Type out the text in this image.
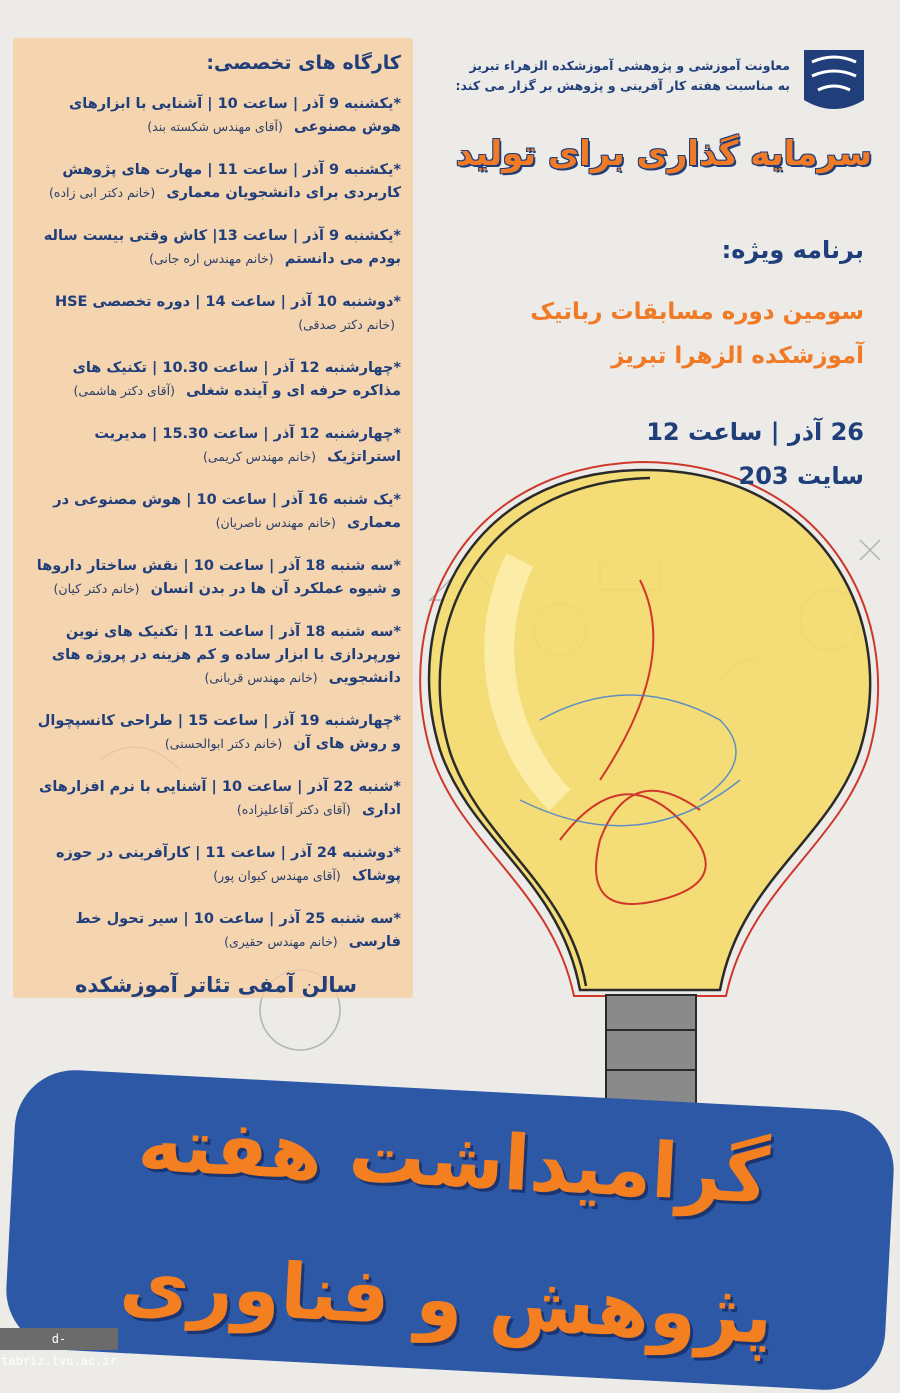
کارگاه های تخصصی:
*یکشنبه 9 آذر | ساعت 10 | آشنایی با ابزارهای هوش مصنوعی (آقای مهندس شکسته بند)
*یکشنبه 9 آذر | ساعت 11 | مهارت های پژوهش کاربردی برای دانشجویان معماری (خانم دکتر ابی زاده)
*یکشنبه 9 آذر | ساعت 13| کاش وقتی بیست ساله بودم می دانستم (خانم مهندس اره جانی)
*دوشنبه 10 آذر | ساعت 14 | دوره تخصصی HSE (خانم دکتر صدقی)
*چهارشنبه 12 آذر | ساعت 10.30 | تکنیک های مذاکره حرفه ای و آینده شغلی (آقای دکتر هاشمی)
*چهارشنبه 12 آذر | ساعت 15.30 | مدیریت استراتژیک (خانم مهندس کریمی)
*یک شنبه 16 آذر | ساعت 10 | هوش مصنوعی در معماری (خانم مهندس ناصریان)
*سه شنبه 18 آذر | ساعت 10 | نقش ساختار داروها و شیوه عملکرد آن ها در بدن انسان (خانم دکتر کیان)
*سه شنبه 18 آذر | ساعت 11 | تکنیک های نوین نورپردازی با ابزار ساده و کم هزینه در پروژه های دانشجویی (خانم مهندس قربانی)
*چهارشنبه 19 آذر | ساعت 15 | طراحی کانسپچوال و روش های آن (خانم دکتر ابوالحسنی)
*شنبه 22 آذر | ساعت 10 | آشنایی با نرم افزارهای اداری (آقای دکتر آقاعلیزاده)
*دوشنبه 24 آذر | ساعت 11 | کارآفرینی در حوزه پوشاک (آقای مهندس کیوان پور)
*سه شنبه 25 آذر | ساعت 10 | سیر تحول خط فارسی (خانم مهندس حقیری)
سالن آمفی تئاتر آموزشکده
معاونت آموزشی و پژوهشی آموزشکده الزهراء تبریز
به مناسبت هفته کار آفرینی و پژوهش بر گزار می کند:
سرمایه گذاری برای تولید
برنامه ویژه:
سومین دوره مسابقات رباتیک
آموزشکده الزهرا تبریز
26 آذر | ساعت 12
سایت 203
گرامیداشت هفته پژوهش و فناوری
d-tabriz.tvu.ac.ir
